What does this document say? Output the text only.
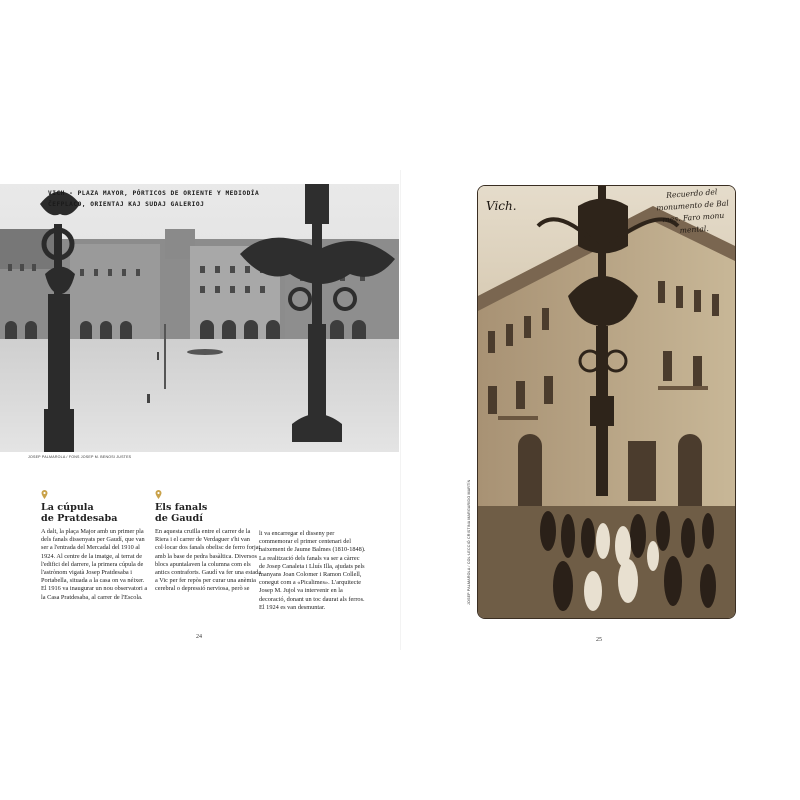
VICH - PLAZA MAYOR, PÓRTICOS DE ORIENTE Y MEDIODÍA
ĈEFPLACO, ORIENTAJ KAJ SUDAJ GALERIOJ
JOSEP PALMAROLA / FONS JOSEP M. BENOSI JUSTES
La cúpula
de Pratdesaba

A dalt, la plaça Major amb un primer pla dels fanals dissenyats per Gaudí, que van ser a l'entrada del Mercadal del 1910 al 1924. Al centre de la imatge, al terrat de l'edifici del darrere, la primera cúpula de l'astrònom vigatà Josep Pratdesaba i Portabella, situada a la casa on va néixer. El 1916 va inaugurar un nou observatori a la Casa Pratdesaba, al carrer de l'Escola.

Els fanals
de Gaudí

En aquesta cruïlla entre el carrer de la Riera i el carrer de Verdaguer s'hi van col·locar dos fanals obelisc de ferro forjat amb la base de pedra basàltica. Diversos blocs apuntalaven la columna com els antics contraforts. Gaudí va fer una estada a Vic per fer repòs per curar una anèmia cerebral o depressió nerviosa, però se

li va encarregar el disseny per commemorar el primer centenari del naixement de Jaume Balmes (1810-1848). La realització dels fanals va ser a càrrec de Josep Canaleta i Lluís Illa, ajudats pels manyans Joan Colomer i Ramon Collell, conegut com a «Picalimes». L'arquitecte Josep M. Jujol va intervenir en la decoració, donant un toc daurat als ferros. El 1924 es van desmuntar.

24
Vich.
Recuerdo del
monumento de Bal
mes. Faro monu
mental.
JOSEP PALMAROLA / COL·LECCIÓ CRISTINA MARGARIDO MARTÍN
25
